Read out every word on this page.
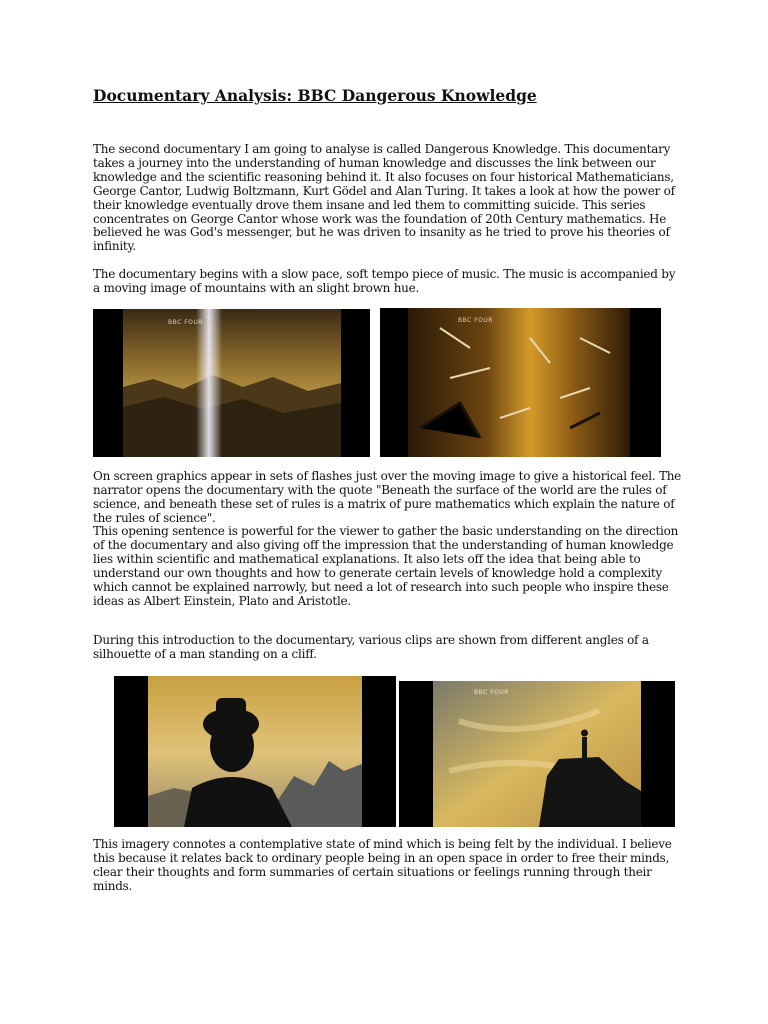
Documentary Analysis: BBC Dangerous Knowledge

The second documentary I am going to analyse is called Dangerous Knowledge. This documentary takes a journey into the understanding of human knowledge and discusses the link between our knowledge and the scientific reasoning behind it. It also focuses on four historical Mathematicians, George Cantor, Ludwig Boltzmann, Kurt Gödel and Alan Turing. It takes a look at how the power of their knowledge eventually drove them insane and led them to committing suicide. This series concentrates on George Cantor whose work was the foundation of 20th Century mathematics. He believed he was God's messenger, but he was driven to insanity as he tried to prove his theories of infinity.

The documentary begins with a slow pace, soft tempo piece of music. The music is accompanied by a moving image of mountains with an slight brown hue.

BBC FOUR	BBC FOUR

On screen graphics appear in sets of flashes just over the moving image to give a historical feel. The narrator opens the documentary with the quote "Beneath the surface of the world are the rules of science, and beneath these set of rules is a matrix of pure mathematics which explain the nature of the rules of science".

This opening sentence is powerful for the viewer to gather the basic understanding on the direction of the documentary and also giving off the impression that the understanding of human knowledge lies within scientific and mathematical explanations. It also lets off the idea that being able to understand our own thoughts and how to generate certain levels of knowledge hold a complexity which cannot be explained narrowly, but need a lot of research into such people who inspire these ideas as Albert Einstein, Plato and Aristotle.

During this introduction to the documentary, various clips are shown from different angles of a silhouette of a man standing on a cliff.

BBC FOUR

This imagery connotes a contemplative state of mind which is being felt by the individual. I believe this because it relates back to ordinary people being in an open space in order to free their minds, clear their thoughts and form summaries of certain situations or feelings running through their minds.
